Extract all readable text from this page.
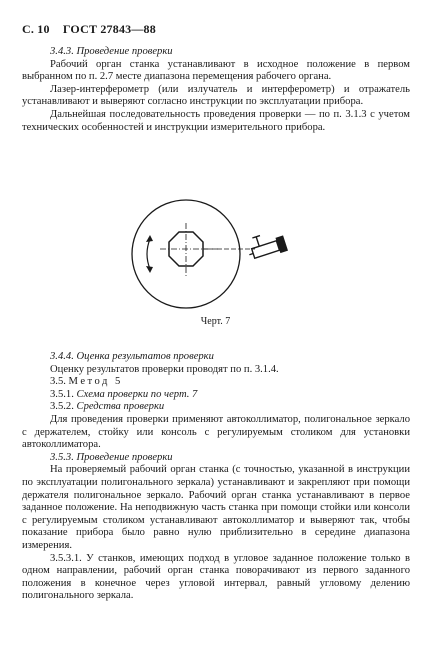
С. 10 ГОСТ 27843—88

3.4.3. Проведение проверки

Рабочий орган станка устанавливают в исходное положение в первом выбранном по п. 2.7 месте диапазона перемещения рабочего органа.

Лазер-интерферометр (или излучатель и интерферометр) и отражатель устанавливают и выверяют согласно инструкции по эксплуатации прибора.

Дальнейшая последовательность проведения проверки — по п. 3.1.3 с учетом технических особенностей и инструкции измерительного прибора.

Черт. 7

3.4.4. Оценка результатов проверки

Оценку результатов проверки проводят по п. 3.1.4.

3.5. Метод 5

3.5.1. Схема проверки по черт. 7

3.5.2. Средства проверки

Для проведения проверки применяют автоколлиматор, полигональное зеркало с держателем, стойку или консоль с регулируемым столиком для установки автоколлиматора.

3.5.3. Проведение проверки

На проверяемый рабочий орган станка (с точностью, указанной в инструкции по эксплуатации полигонального зеркала) устанавливают и закрепляют при помощи держателя полигональное зеркало. Рабочий орган станка устанавливают в первое заданное положение. На неподвижную часть станка при помощи стойки или консоли с регулируемым столиком устанавливают автоколлиматор и выверяют так, чтобы показание прибора было равно нулю приблизительно в середине диапазона измерения.

3.5.3.1. У станков, имеющих подход в угловое заданное положение только в одном направлении, рабочий орган станка поворачивают из первого заданного положения в конечное через угловой интервал, равный угловому делению полигонального зеркала.
